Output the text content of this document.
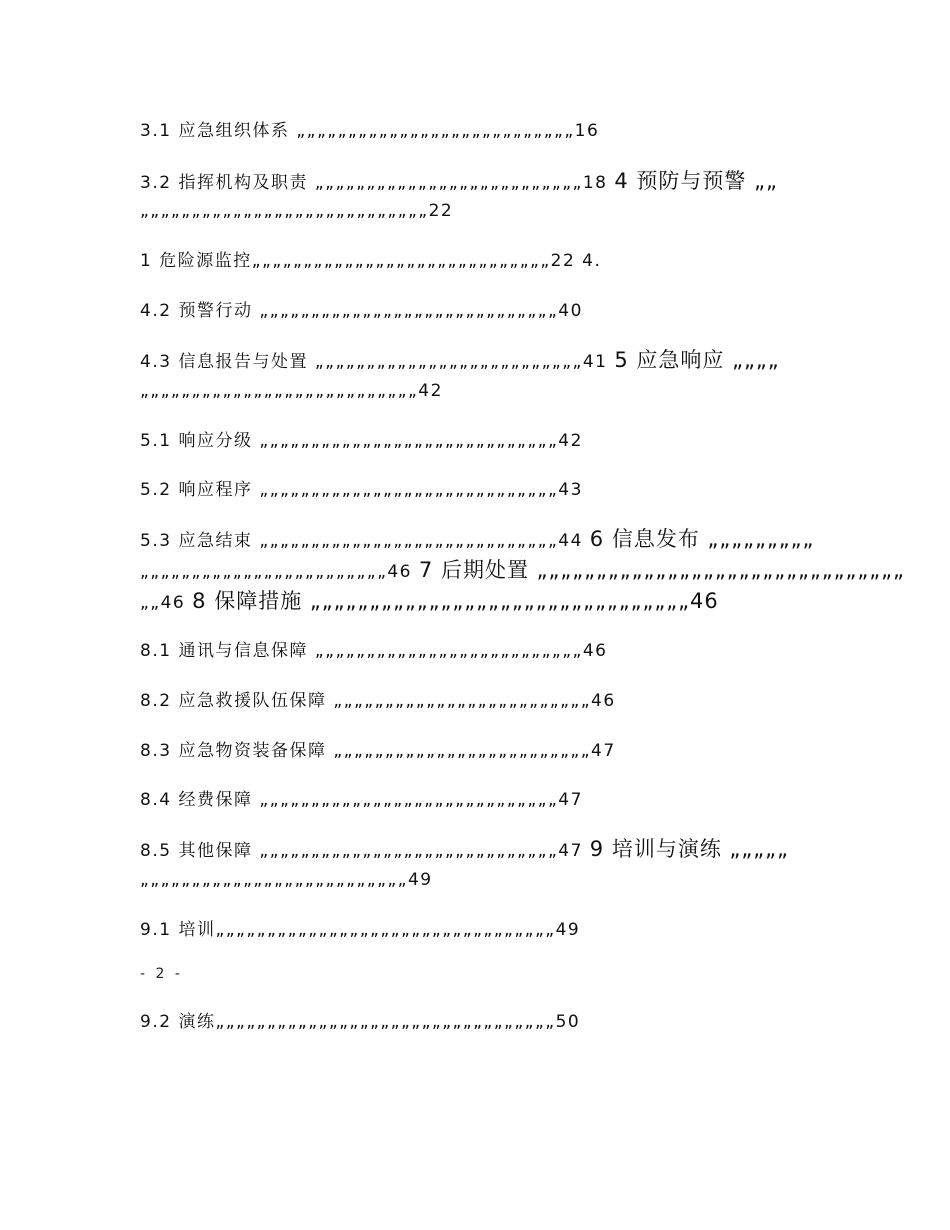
3.1 应急组织体系 „„„„„„„„„„„„„„„„„„„„„„„„„„„16
3.2 指挥机构及职责 „„„„„„„„„„„„„„„„„„„„„„„„„„18 4 预防与预警 „„
„„„„„„„„„„„„„„„„„„„„„„„„„„„„22
1 危险源监控„„„„„„„„„„„„„„„„„„„„„„„„„„„„„22 4.
4.2 预警行动 „„„„„„„„„„„„„„„„„„„„„„„„„„„„„40
4.3 信息报告与处置 „„„„„„„„„„„„„„„„„„„„„„„„„„41 5 应急响应 „„„„
„„„„„„„„„„„„„„„„„„„„„„„„„„„42
5.1 响应分级 „„„„„„„„„„„„„„„„„„„„„„„„„„„„„42
5.2 响应程序 „„„„„„„„„„„„„„„„„„„„„„„„„„„„„43
5.3 应急结束 „„„„„„„„„„„„„„„„„„„„„„„„„„„„„44 6 信息发布 „„„„„„„„„
„„„„„„„„„„„„„„„„„„„„„„„„46 7 后期处置 „„„„„„„„„„„„„„„„„„„„„„„„„„„„„„„
„„46 8 保障措施 „„„„„„„„„„„„„„„„„„„„„„„„„„„„„„„„46
8.1 通讯与信息保障 „„„„„„„„„„„„„„„„„„„„„„„„„„46
8.2 应急救援队伍保障 „„„„„„„„„„„„„„„„„„„„„„„„„46
8.3 应急物资装备保障 „„„„„„„„„„„„„„„„„„„„„„„„„47
8.4 经费保障 „„„„„„„„„„„„„„„„„„„„„„„„„„„„„47
8.5 其他保障 „„„„„„„„„„„„„„„„„„„„„„„„„„„„„47 9 培训与演练 „„„„„
„„„„„„„„„„„„„„„„„„„„„„„„„„49
9.1 培训„„„„„„„„„„„„„„„„„„„„„„„„„„„„„„„„„49
- 2 -
9.2 演练„„„„„„„„„„„„„„„„„„„„„„„„„„„„„„„„„50
